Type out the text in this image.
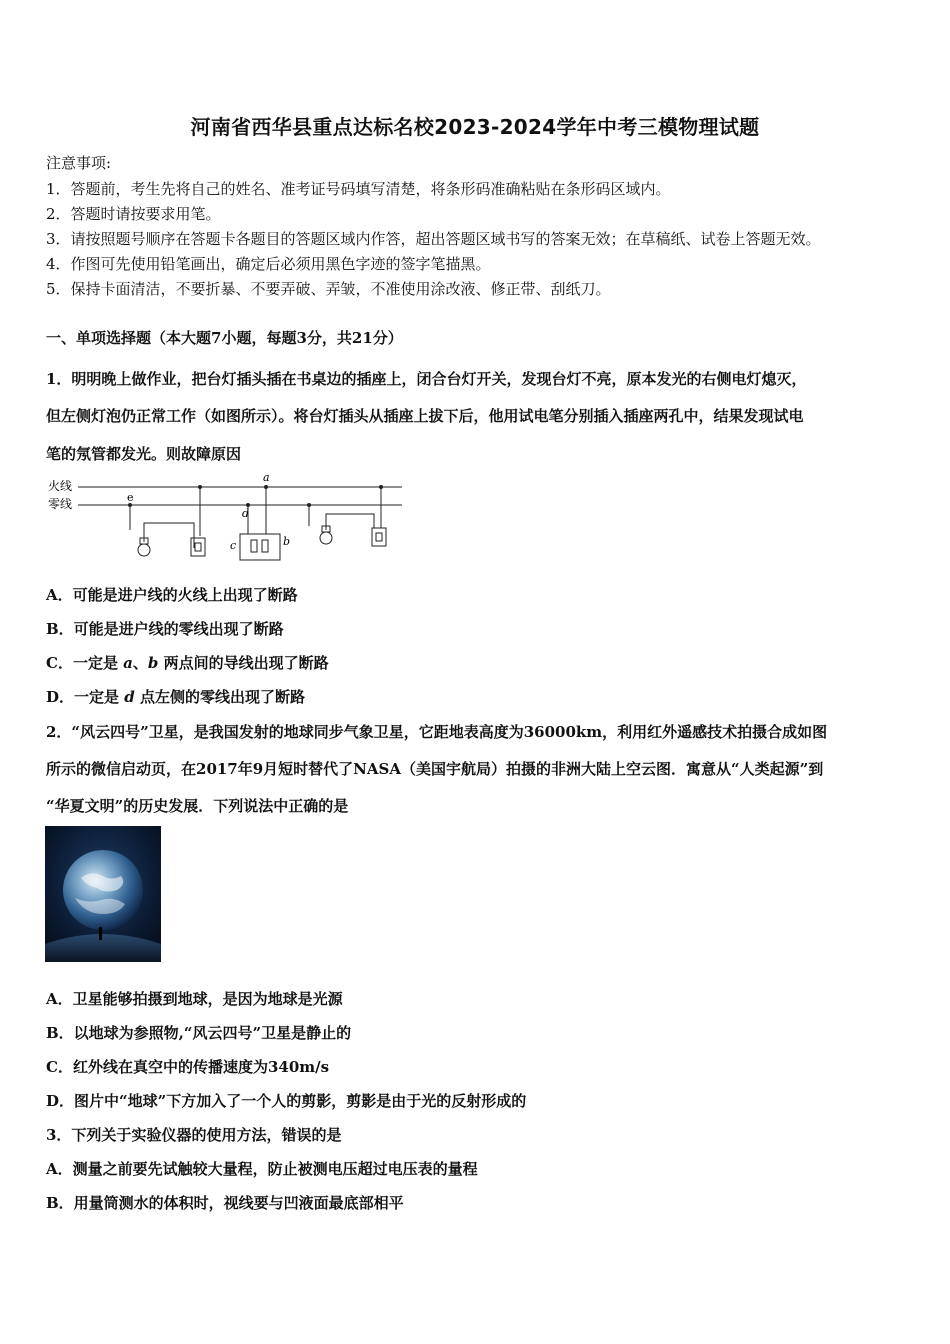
河南省西华县重点达标名校2023-2024学年中考三模物理试题
注意事项:
1．答题前，考生先将自己的姓名、准考证号码填写清楚，将条形码准确粘贴在条形码区域内。
2．答题时请按要求用笔。
3．请按照题号顺序在答题卡各题目的答题区域内作答，超出答题区域书写的答案无效；在草稿纸、试卷上答题无效。
4．作图可先使用铅笔画出，确定后必须用黑色字迹的签字笔描黑。
5．保持卡面清洁，不要折暴、不要弄破、弄皱，不准使用涂改液、修正带、刮纸刀。
一、单项选择题（本大题7小题，每题3分，共21分）
1．明明晚上做作业，把台灯插头插在书桌边的插座上，闭合台灯开关，发现台灯不亮，原本发光的右侧电灯熄灭，
但左侧灯泡仍正常工作（如图所示）。将台灯插头从插座上拔下后，他用试电笔分别插入插座两孔中，结果发现试电
笔的氖管都发光。则故障原因
火线
零线	e
a
d
c	b
A．可能是进户线的火线上出现了断路
B．可能是进户线的零线出现了断路
C．一定是 a、b 两点间的导线出现了断路
D．一定是 d 点左侧的零线出现了断路
2．“风云四号”卫星，是我国发射的地球同步气象卫星，它距地表高度为36000km，利用红外遥感技术拍摄合成如图
所示的微信启动页，在2017年9月短时替代了NASA（美国宇航局）拍摄的非洲大陆上空云图．寓意从“人类起源”到
“华夏文明”的历史发展．下列说法中正确的是
A．卫星能够拍摄到地球，是因为地球是光源
B．以地球为参照物,“风云四号”卫星是静止的
C．红外线在真空中的传播速度为340m/s
D．图片中“地球”下方加入了一个人的剪影，剪影是由于光的反射形成的
3．下列关于实验仪器的使用方法，错误的是
A．测量之前要先试触较大量程，防止被测电压超过电压表的量程
B．用量筒测水的体积时，视线要与凹液面最底部相平
